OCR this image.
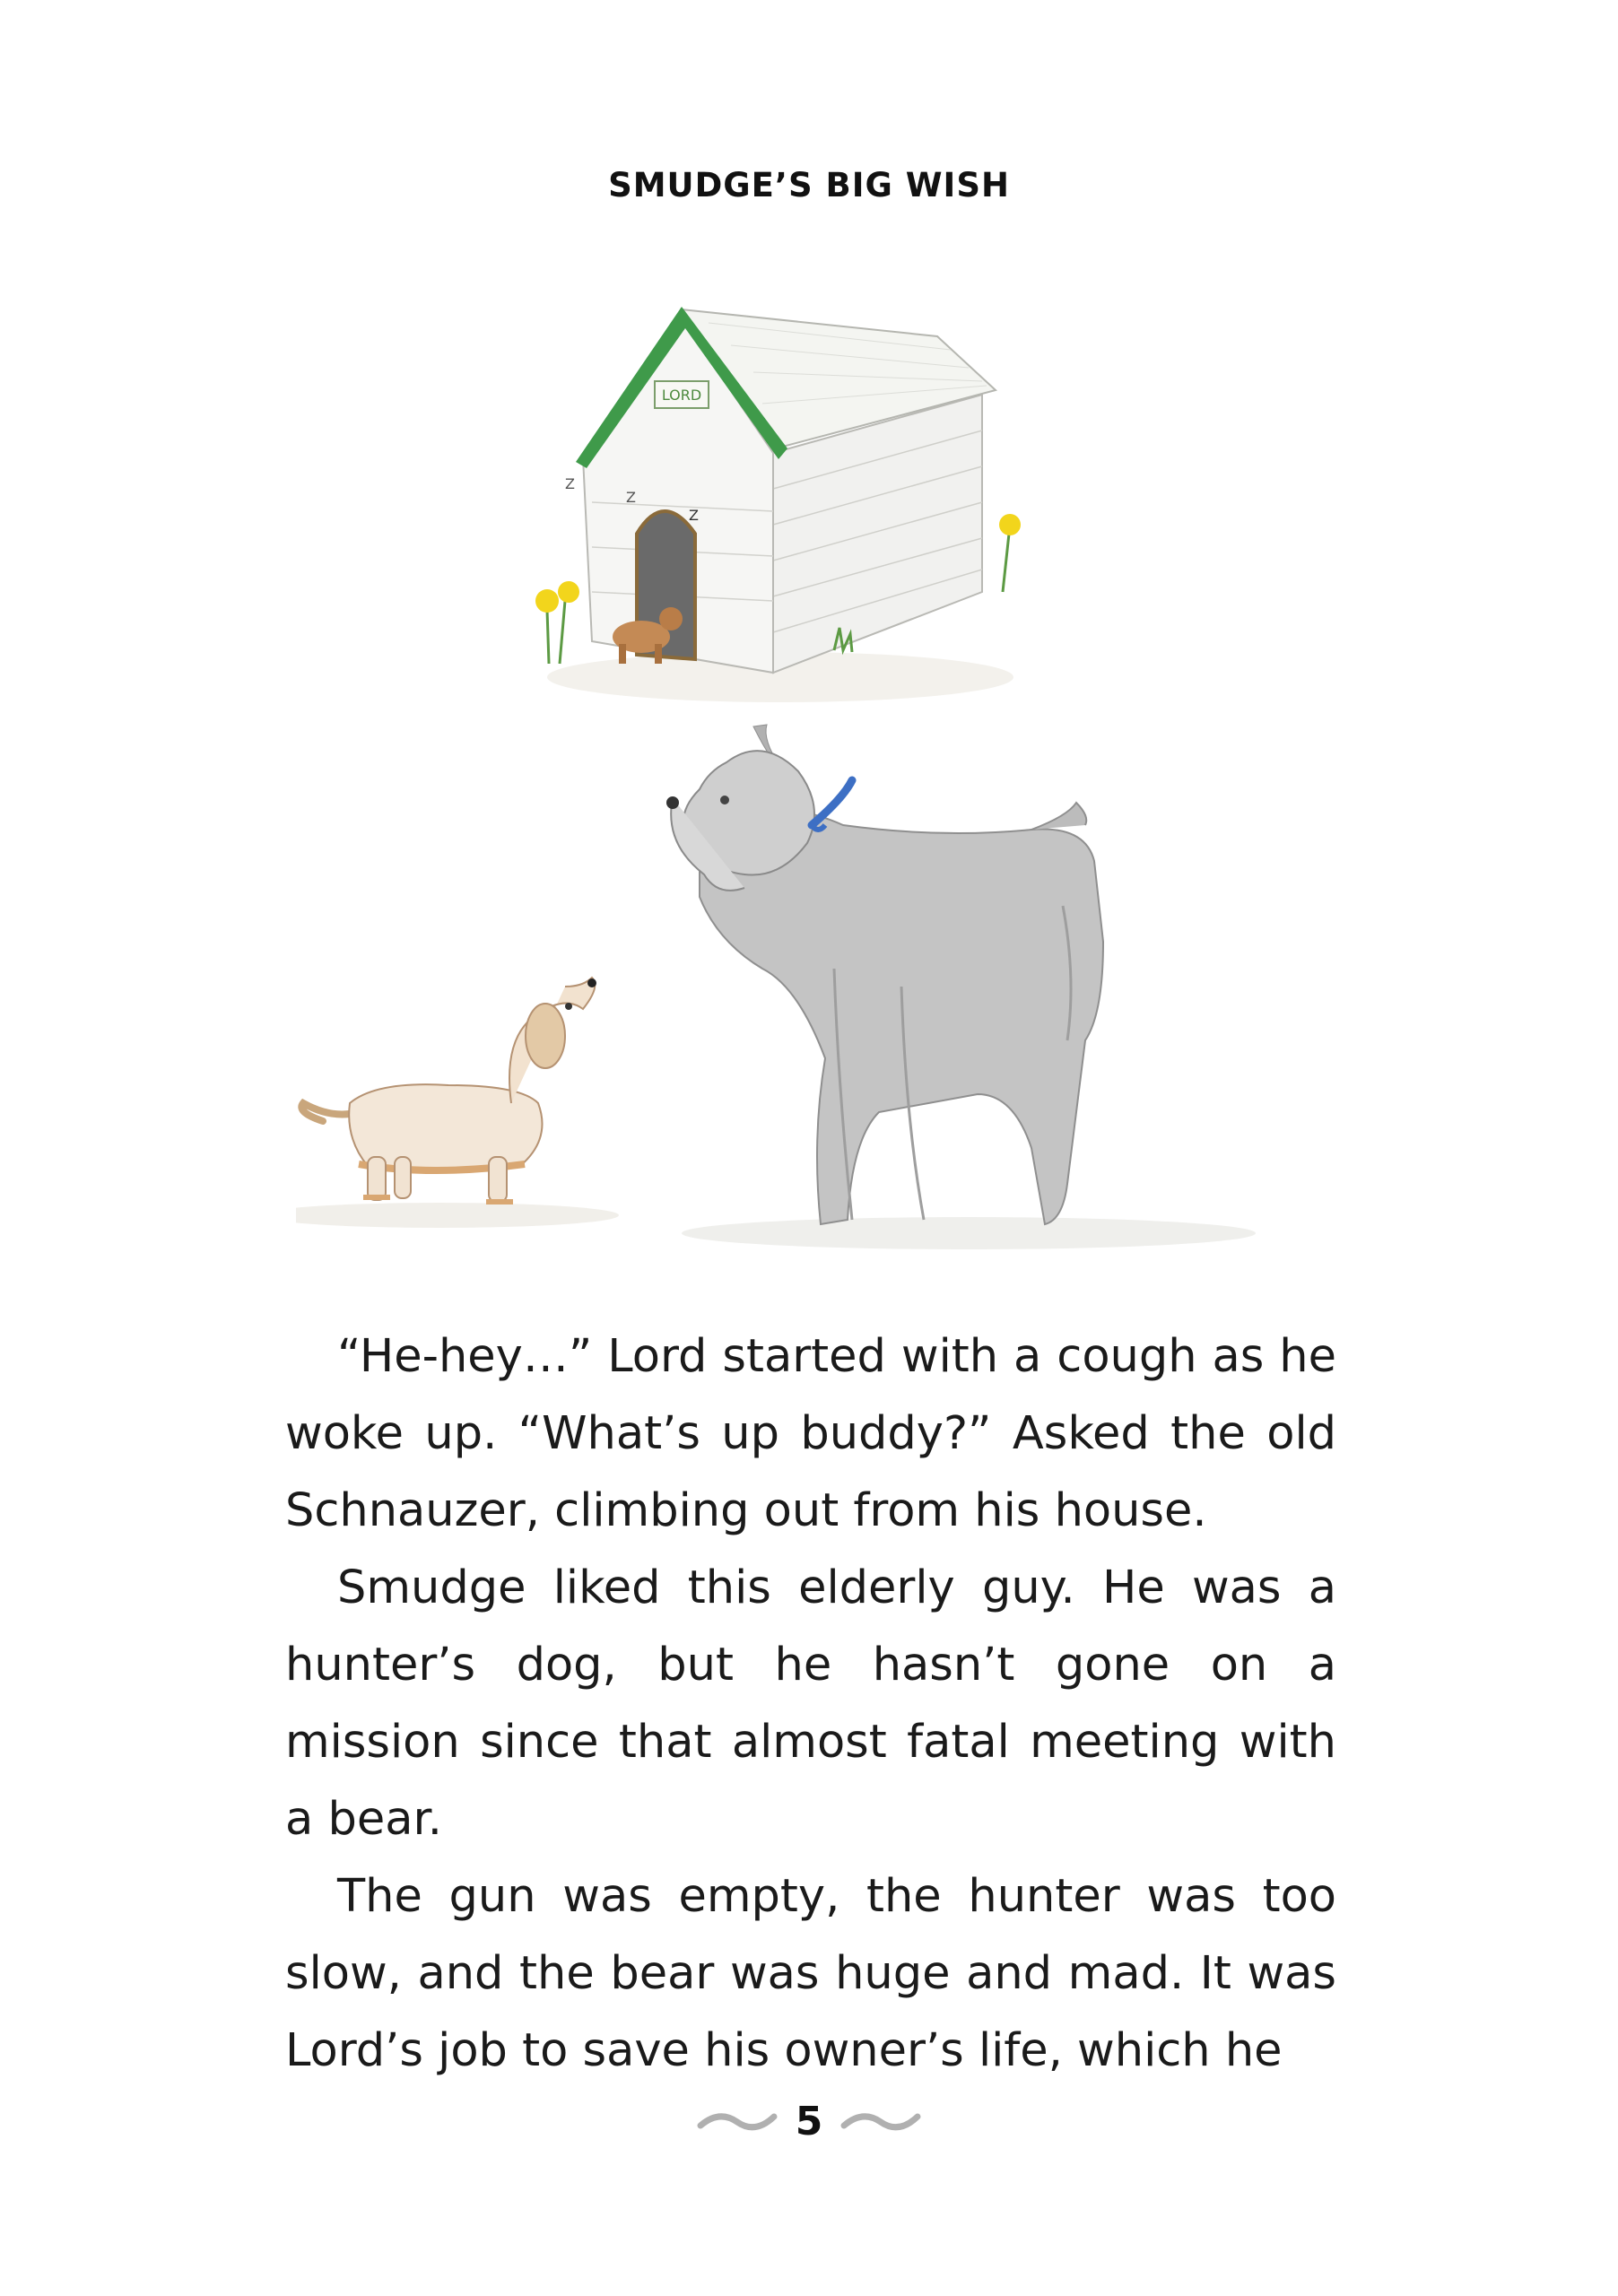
SMUDGE’S BIG WISH
LORD
Z
Z
Z

“He-hey…” Lord started with a cough as he woke up. “What’s up buddy?” Asked the old Schnauzer, climbing out from his house.

Smudge liked this elderly guy. He was a hunter’s dog, but he hasn’t gone on a mission since that almost fatal meeting with a bear.

The gun was empty, the hunter was too slow, and the bear was huge and mad. It was Lord’s job to save his owner’s life, which he

5
